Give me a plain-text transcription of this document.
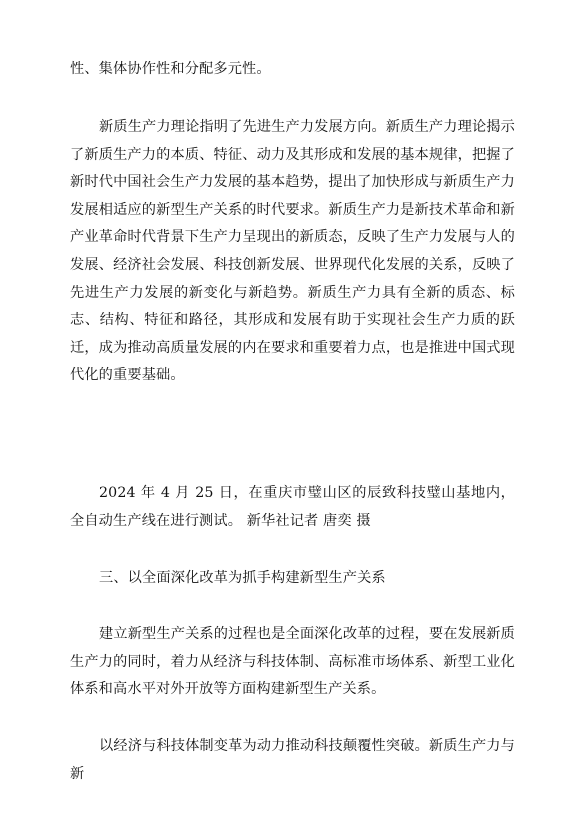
性、集体协作性和分配多元性。

新质生产力理论指明了先进生产力发展方向。新质生产力理论揭示了新质生产力的本质、特征、动力及其形成和发展的基本规律，把握了新时代中国社会生产力发展的基本趋势，提出了加快形成与新质生产力发展相适应的新型生产关系的时代要求。新质生产力是新技术革命和新产业革命时代背景下生产力呈现出的新质态，反映了生产力发展与人的发展、经济社会发展、科技创新发展、世界现代化发展的关系，反映了先进生产力发展的新变化与新趋势。新质生产力具有全新的质态、标志、结构、特征和路径，其形成和发展有助于实现社会生产力质的跃迁，成为推动高质量发展的内在要求和重要着力点，也是推进中国式现代化的重要基础。

2024 年 4 月 25 日，在重庆市璧山区的辰致科技璧山基地内，全自动生产线在进行测试。 新华社记者 唐奕 摄

三、以全面深化改革为抓手构建新型生产关系

建立新型生产关系的过程也是全面深化改革的过程，要在发展新质生产力的同时，着力从经济与科技体制、高标准市场体系、新型工业化体系和高水平对外开放等方面构建新型生产关系。

以经济与科技体制变革为动力推动科技颠覆性突破。新质生产力与新
